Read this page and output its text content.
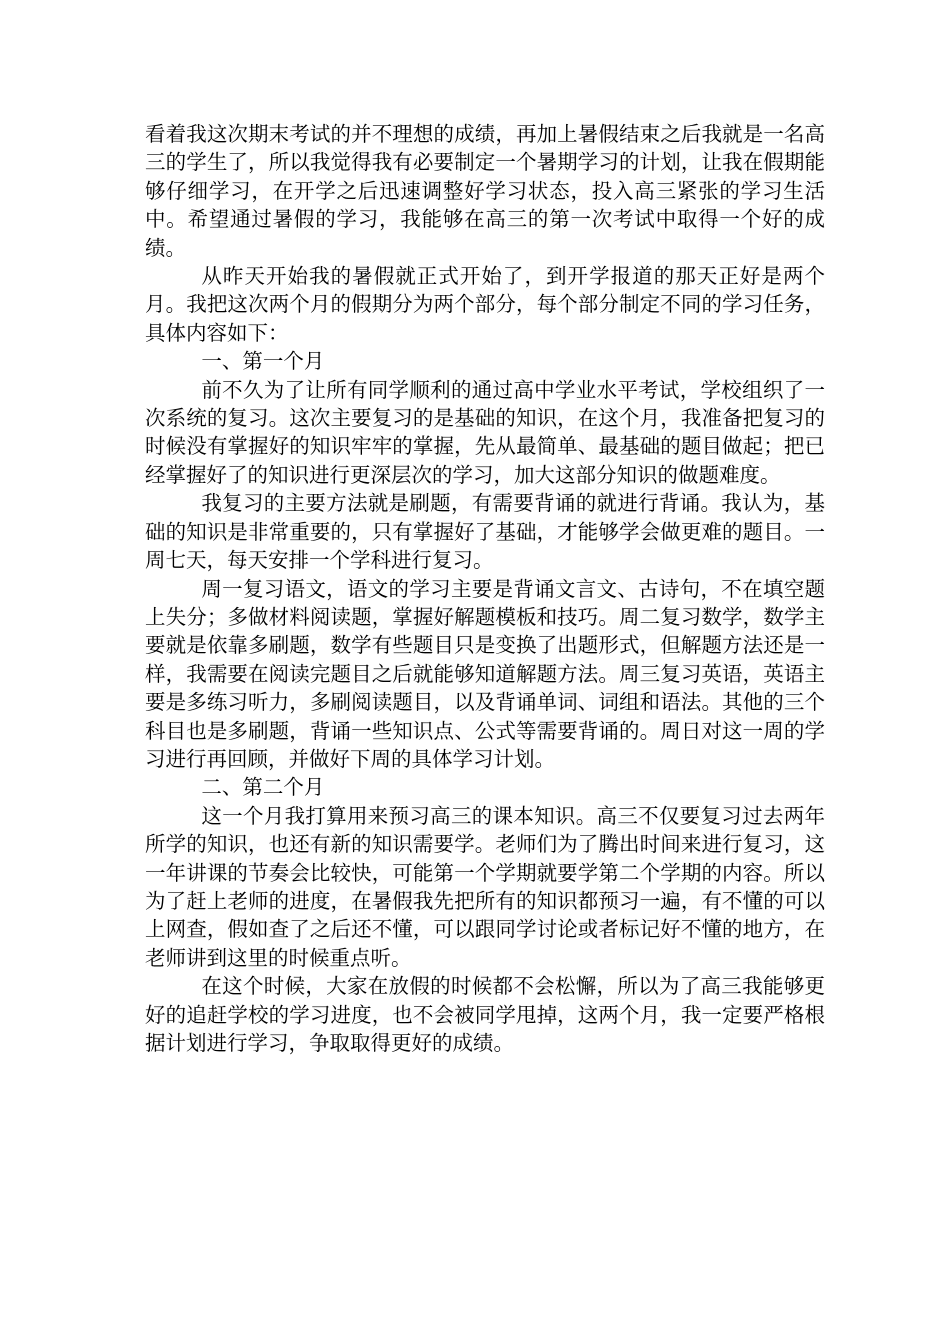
看着我这次期末考试的并不理想的成绩，再加上暑假结束之后我就是一名高三的学生了，所以我觉得我有必要制定一个暑期学习的计划，让我在假期能够仔细学习，在开学之后迅速调整好学习状态，投入高三紧张的学习生活中。希望通过暑假的学习，我能够在高三的第一次考试中取得一个好的成绩。

从昨天开始我的暑假就正式开始了，到开学报道的那天正好是两个月。我把这次两个月的假期分为两个部分，每个部分制定不同的学习任务，具体内容如下：

一、第一个月

前不久为了让所有同学顺利的通过高中学业水平考试，学校组织了一次系统的复习。这次主要复习的是基础的知识，在这个月，我准备把复习的时候没有掌握好的知识牢牢的掌握，先从最简单、最基础的题目做起；把已经掌握好了的知识进行更深层次的学习，加大这部分知识的做题难度。

我复习的主要方法就是刷题，有需要背诵的就进行背诵。我认为，基础的知识是非常重要的，只有掌握好了基础，才能够学会做更难的题目。一周七天，每天安排一个学科进行复习。

周一复习语文，语文的学习主要是背诵文言文、古诗句，不在填空题上失分；多做材料阅读题，掌握好解题模板和技巧。周二复习数学，数学主要就是依靠多刷题，数学有些题目只是变换了出题形式，但解题方法还是一样，我需要在阅读完题目之后就能够知道解题方法。周三复习英语，英语主要是多练习听力，多刷阅读题目，以及背诵单词、词组和语法。其他的三个科目也是多刷题，背诵一些知识点、公式等需要背诵的。周日对这一周的学习进行再回顾，并做好下周的具体学习计划。

二、第二个月

这一个月我打算用来预习高三的课本知识。高三不仅要复习过去两年所学的知识，也还有新的知识需要学。老师们为了腾出时间来进行复习，这一年讲课的节奏会比较快，可能第一个学期就要学第二个学期的内容。所以为了赶上老师的进度，在暑假我先把所有的知识都预习一遍，有不懂的可以上网查，假如查了之后还不懂，可以跟同学讨论或者标记好不懂的地方，在老师讲到这里的时候重点听。

在这个时候，大家在放假的时候都不会松懈，所以为了高三我能够更好的追赶学校的学习进度，也不会被同学甩掉，这两个月，我一定要严格根据计划进行学习，争取取得更好的成绩。
